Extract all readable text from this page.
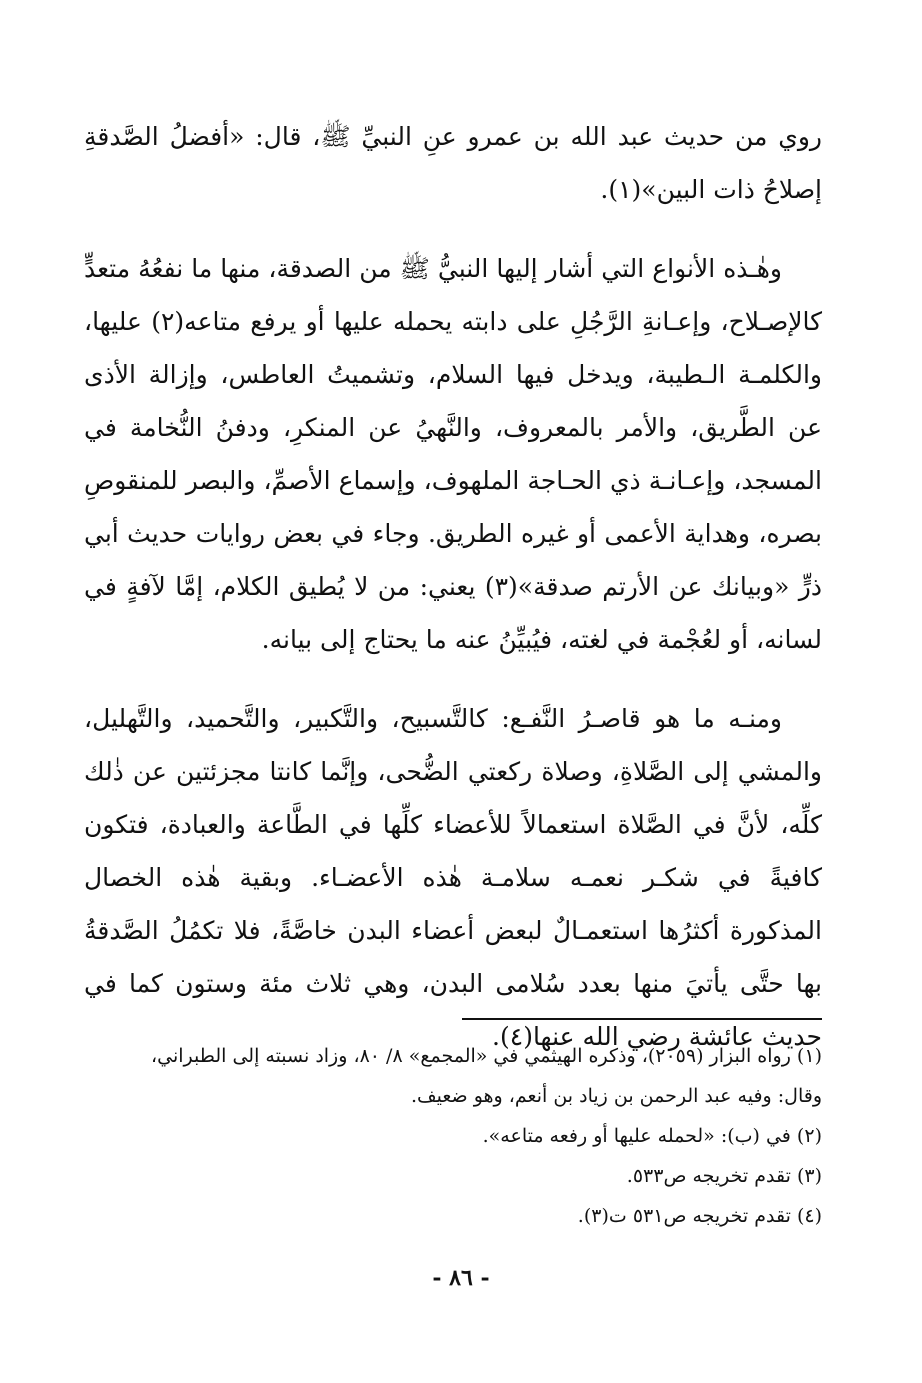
روي من حديث عبد الله بن عمرو عنِ النبيِّ ﷺ، قال: «أفضلُ الصَّدقةِ إصلاحُ ذات البين»(١).

وهٰـذه الأنواع التي أشار إليها النبيُّ ﷺ من الصدقة، منها ما نفعُهُ متعدٍّ كالإصـلاح، وإعـانةِ الرَّجُلِ على دابته يحمله عليها أو يرفع متاعه(٢) عليها، والكلمـة الـطيبة، ويدخل فيها السلام، وتشميتُ العاطس، وإزالة الأذى عن الطَّريق، والأمر بالمعروف، والنَّهيُ عن المنكرِ، ودفنُ النُّخامة في المسجد، وإعـانـة ذي الحـاجة الملهوف، وإسماع الأصمِّ، والبصر للمنقوصِ بصره، وهداية الأعمى أو غيره الطريق. وجاء في بعض روايات حديث أبي ذرٍّ «وبيانك عن الأرتم صدقة»(٣) يعني: من لا يُطيق الكلام، إمَّا لآفةٍ في لسانه، أو لعُجْمة في لغته، فيُبيِّنُ عنه ما يحتاج إلى بيانه.

ومنـه ما هو قاصـرُ النَّفـع: كالتَّسبيح، والتَّكبير، والتَّحميد، والتَّهليل، والمشي إلى الصَّلاةِ، وصلاة ركعتي الضُّحى، وإنَّما كانتا مجزئتين عن ذٰلك كلِّه، لأنَّ في الصَّلاة استعمالاً للأعضاء كلِّها في الطَّاعة والعبادة، فتكون كافيةً في شكـر نعمـه سلامـة هٰذه الأعضـاء. وبقية هٰذه الخصال المذكورة أكثرُها استعمـالٌ لبعض أعضاء البدن خاصَّةً، فلا تكمُلُ الصَّدقةُ بها حتَّى يأتيَ منها بعدد سُلامى البدن، وهي ثلاث مئة وستون كما في حديث عائشة رضي الله عنها(٤).

(١) رواه البزار (٢٠٥٩)، وذكره الهيثمي في «المجمع» ٨/ ٨٠، وزاد نسبته إلى الطبراني،
وقال: وفيه عبد الرحمن بن زياد بن أنعم، وهو ضعيف.
(٢) في (ب): «لحمله عليها أو رفعه متاعه».
(٣) تقدم تخريجه ص٥٣٣.
(٤) تقدم تخريجه ص٥٣١ ت(٣).
- ٨٦ -
